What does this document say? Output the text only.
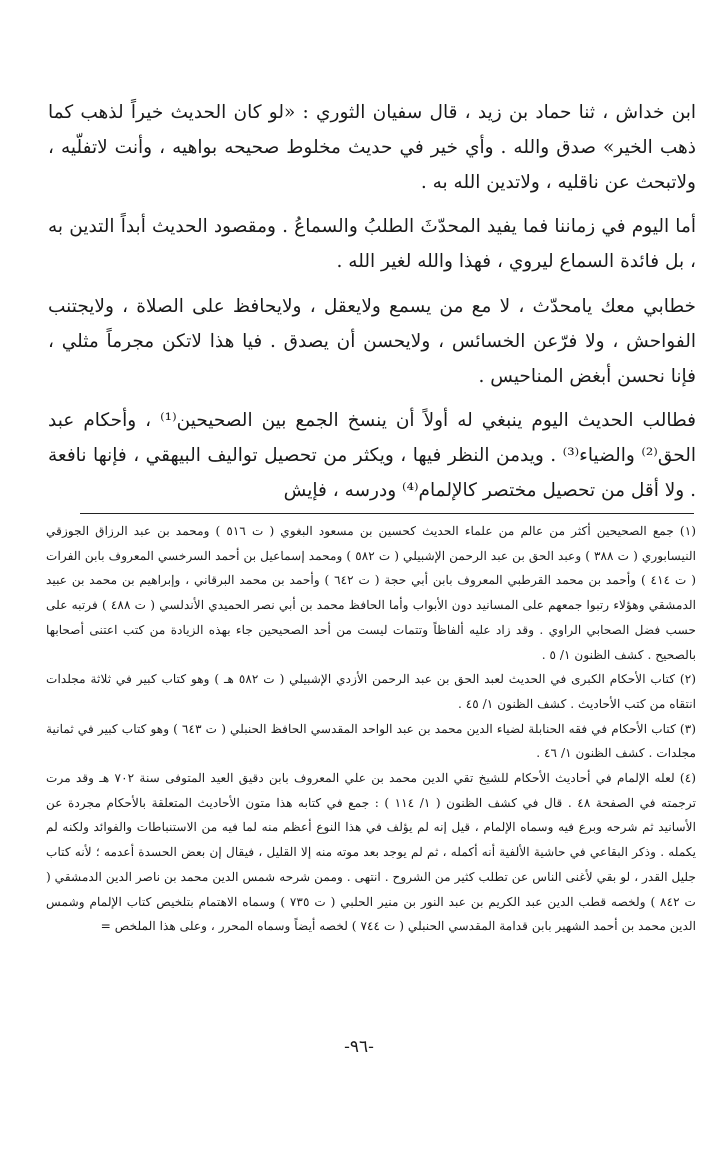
ابن خداش ، ثنا حماد بن زيد ، قال سفيان الثوري : «لو كان الحديث خيراً لذهب كما ذهب الخير» صدق والله . وأي خير في حديث مخلوط صحيحه بواهيه ، وأنت لاتفلّيه ، ولاتبحث عن ناقليه ، ولاتدين الله به .

أما اليوم في زماننا فما يفيد المحدّثَ الطلبُ والسماعُ . ومقصود الحديث أبداً التدين به ، بل فائدة السماع ليروي ، فهذا والله لغير الله .

خطابي معك يامحدّث ، لا مع من يسمع ولايعقل ، ولايحافظ على الصلاة ، ولايجتنب الفواحش ، ولا فرّعن الخسائس ، ولايحسن أن يصدق . فيا هذا لاتكن مجرماً مثلي ، فإنا نحسن أبغض المناحيس .

فطالب الحديث اليوم ينبغي له أولاً أن ينسخ الجمع بين الصحيحين⁽¹⁾ ، وأحكام عبد الحق⁽²⁾ والضياء⁽³⁾ . ويدمن النظر فيها ، ويكثر من تحصيل تواليف البيهقي ، فإنها نافعة . ولا أقل من تحصيل مختصر كالإلمام⁽⁴⁾ ودرسه ، فإيش

(١) جمع الصحيحين أكثر من عالم من علماء الحديث كحسين بن مسعود البغوي ( ت ٥١٦ ) ومحمد بن عبد الرزاق الجوزقي النيسابوري ( ت ٣٨٨ ) وعبد الحق بن عبد الرحمن الإشبيلي ( ت ٥٨٢ ) ومحمد إسماعيل بن أحمد السرخسي المعروف بابن الفرات ( ت ٤١٤ ) وأحمد بن محمد القرطبي المعروف بابن أبي حجة ( ت ٦٤٢ ) وأحمد بن محمد البرقاني ، وإبراهيم بن محمد بن عبيد الدمشقي وهؤلاء رتبوا جمعهم على المسانيد دون الأبواب وأما الحافظ محمد بن أبي نصر الحميدي الأندلسي ( ت ٤٨٨ ) فرتبه على حسب فضل الصحابي الراوي . وقد زاد عليه ألفاظاً وتتمات ليست من أحد الصحيحين جاء بهذه الزيادة من كتب اعتنى أصحابها بالصحيح . كشف الظنون ١/ ٥ .

(٢) كتاب الأحكام الكبرى في الحديث لعبد الحق بن عبد الرحمن الأزدي الإشبيلي ( ت ٥٨٢ هـ ) وهو كتاب كبير في ثلاثة مجلدات انتقاه من كتب الأحاديث . كشف الظنون ١/ ٤٥ .

(٣) كتاب الأحكام في فقه الحنابلة لضياء الدين محمد بن عبد الواحد المقدسي الحافظ الحنبلي ( ت ٦٤٣ ) وهو كتاب كبير في ثمانية مجلدات . كشف الظنون ١/ ٤٦ .

(٤) لعله الإلمام في أحاديث الأحكام للشيخ تقي الدين محمد بن علي المعروف بابن دقيق العيد المتوفى سنة ٧٠٢ هـ وقد مرت ترجمته في الصفحة ٤٨ . قال في كشف الظنون ( ١/ ١١٤ ) : جمع في كتابه هذا متون الأحاديث المتعلقة بالأحكام مجردة عن الأسانيد ثم شرحه وبرع فيه وسماه الإلمام ، قيل إنه لم يؤلف في هذا النوع أعظم منه لما فيه من الاستنباطات والفوائد ولكنه لم يكمله . وذكر البقاعي في حاشية الألفية أنه أكمله ، ثم لم يوجد بعد موته منه إلا القليل ، فيقال إن بعض الحسدة أعدمه ؛ لأنه كتاب جليل القدر ، لو بقي لأغنى الناس عن تطلب كثير من الشروح . انتهى . وممن شرحه شمس الدين محمد بن ناصر الدين الدمشقي ( ت ٨٤٢ ) ولخصه قطب الدين عبد الكريم بن عبد النور بن منير الحلبي ( ت ٧٣٥ ) وسماه الاهتمام بتلخيص كتاب الإلمام وشمس الدين محمد بن أحمد الشهير بابن قدامة المقدسي الحنبلي ( ت ٧٤٤ ) لخصه أيضاً وسماه المحرر ، وعلى هذا الملخص =

-٩٦-
